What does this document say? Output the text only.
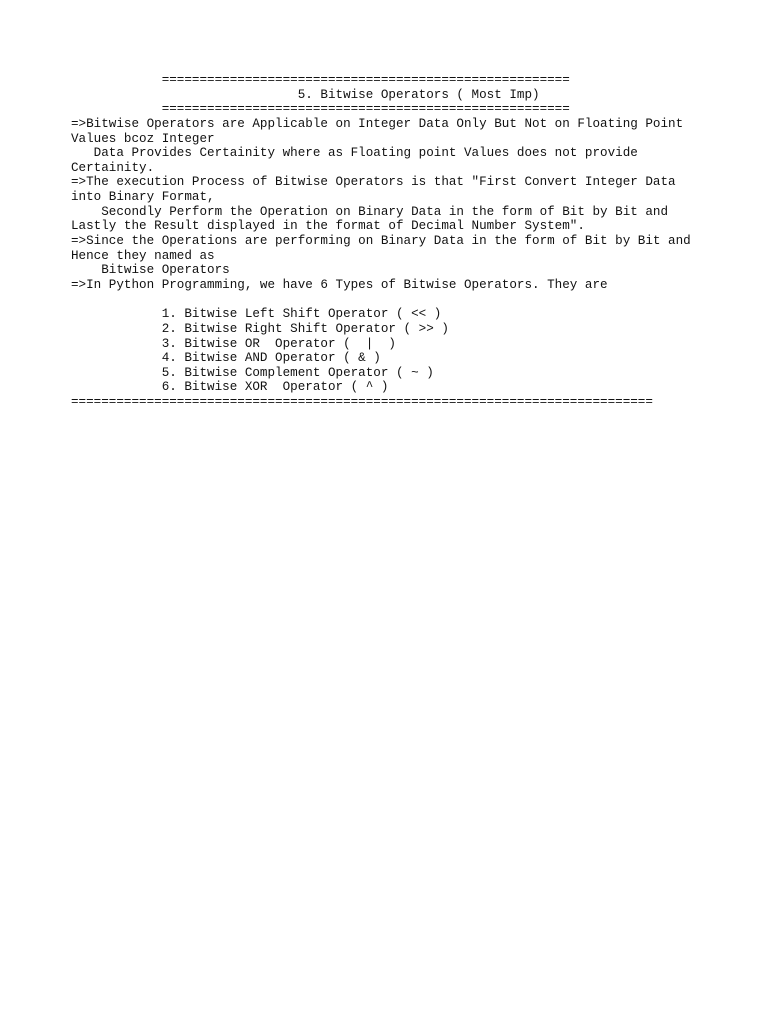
======================================================
5. Bitwise Operators ( Most Imp)
======================================================
=>Bitwise Operators are Applicable on Integer Data Only But Not on Floating Point
Values bcoz Integer
Data Provides Certainity where as Floating point Values does not provide
Certainity.
=>The execution Process of Bitwise Operators is that "First Convert Integer Data
into Binary Format,
Secondly Perform the Operation on Binary Data in the form of Bit by Bit and
Lastly the Result displayed in the format of Decimal Number System".
=>Since the Operations are performing on Binary Data in the form of Bit by Bit and
Hence they named as
Bitwise Operators
=>In Python Programming, we have 6 Types of Bitwise Operators. They are
1. Bitwise Left Shift Operator ( << )
2. Bitwise Right Shift Operator ( >> )
3. Bitwise OR  Operator (  |  )
4. Bitwise AND Operator ( & )
5. Bitwise Complement Operator ( ~ )
6. Bitwise XOR  Operator ( ^ )
=============================================================================
